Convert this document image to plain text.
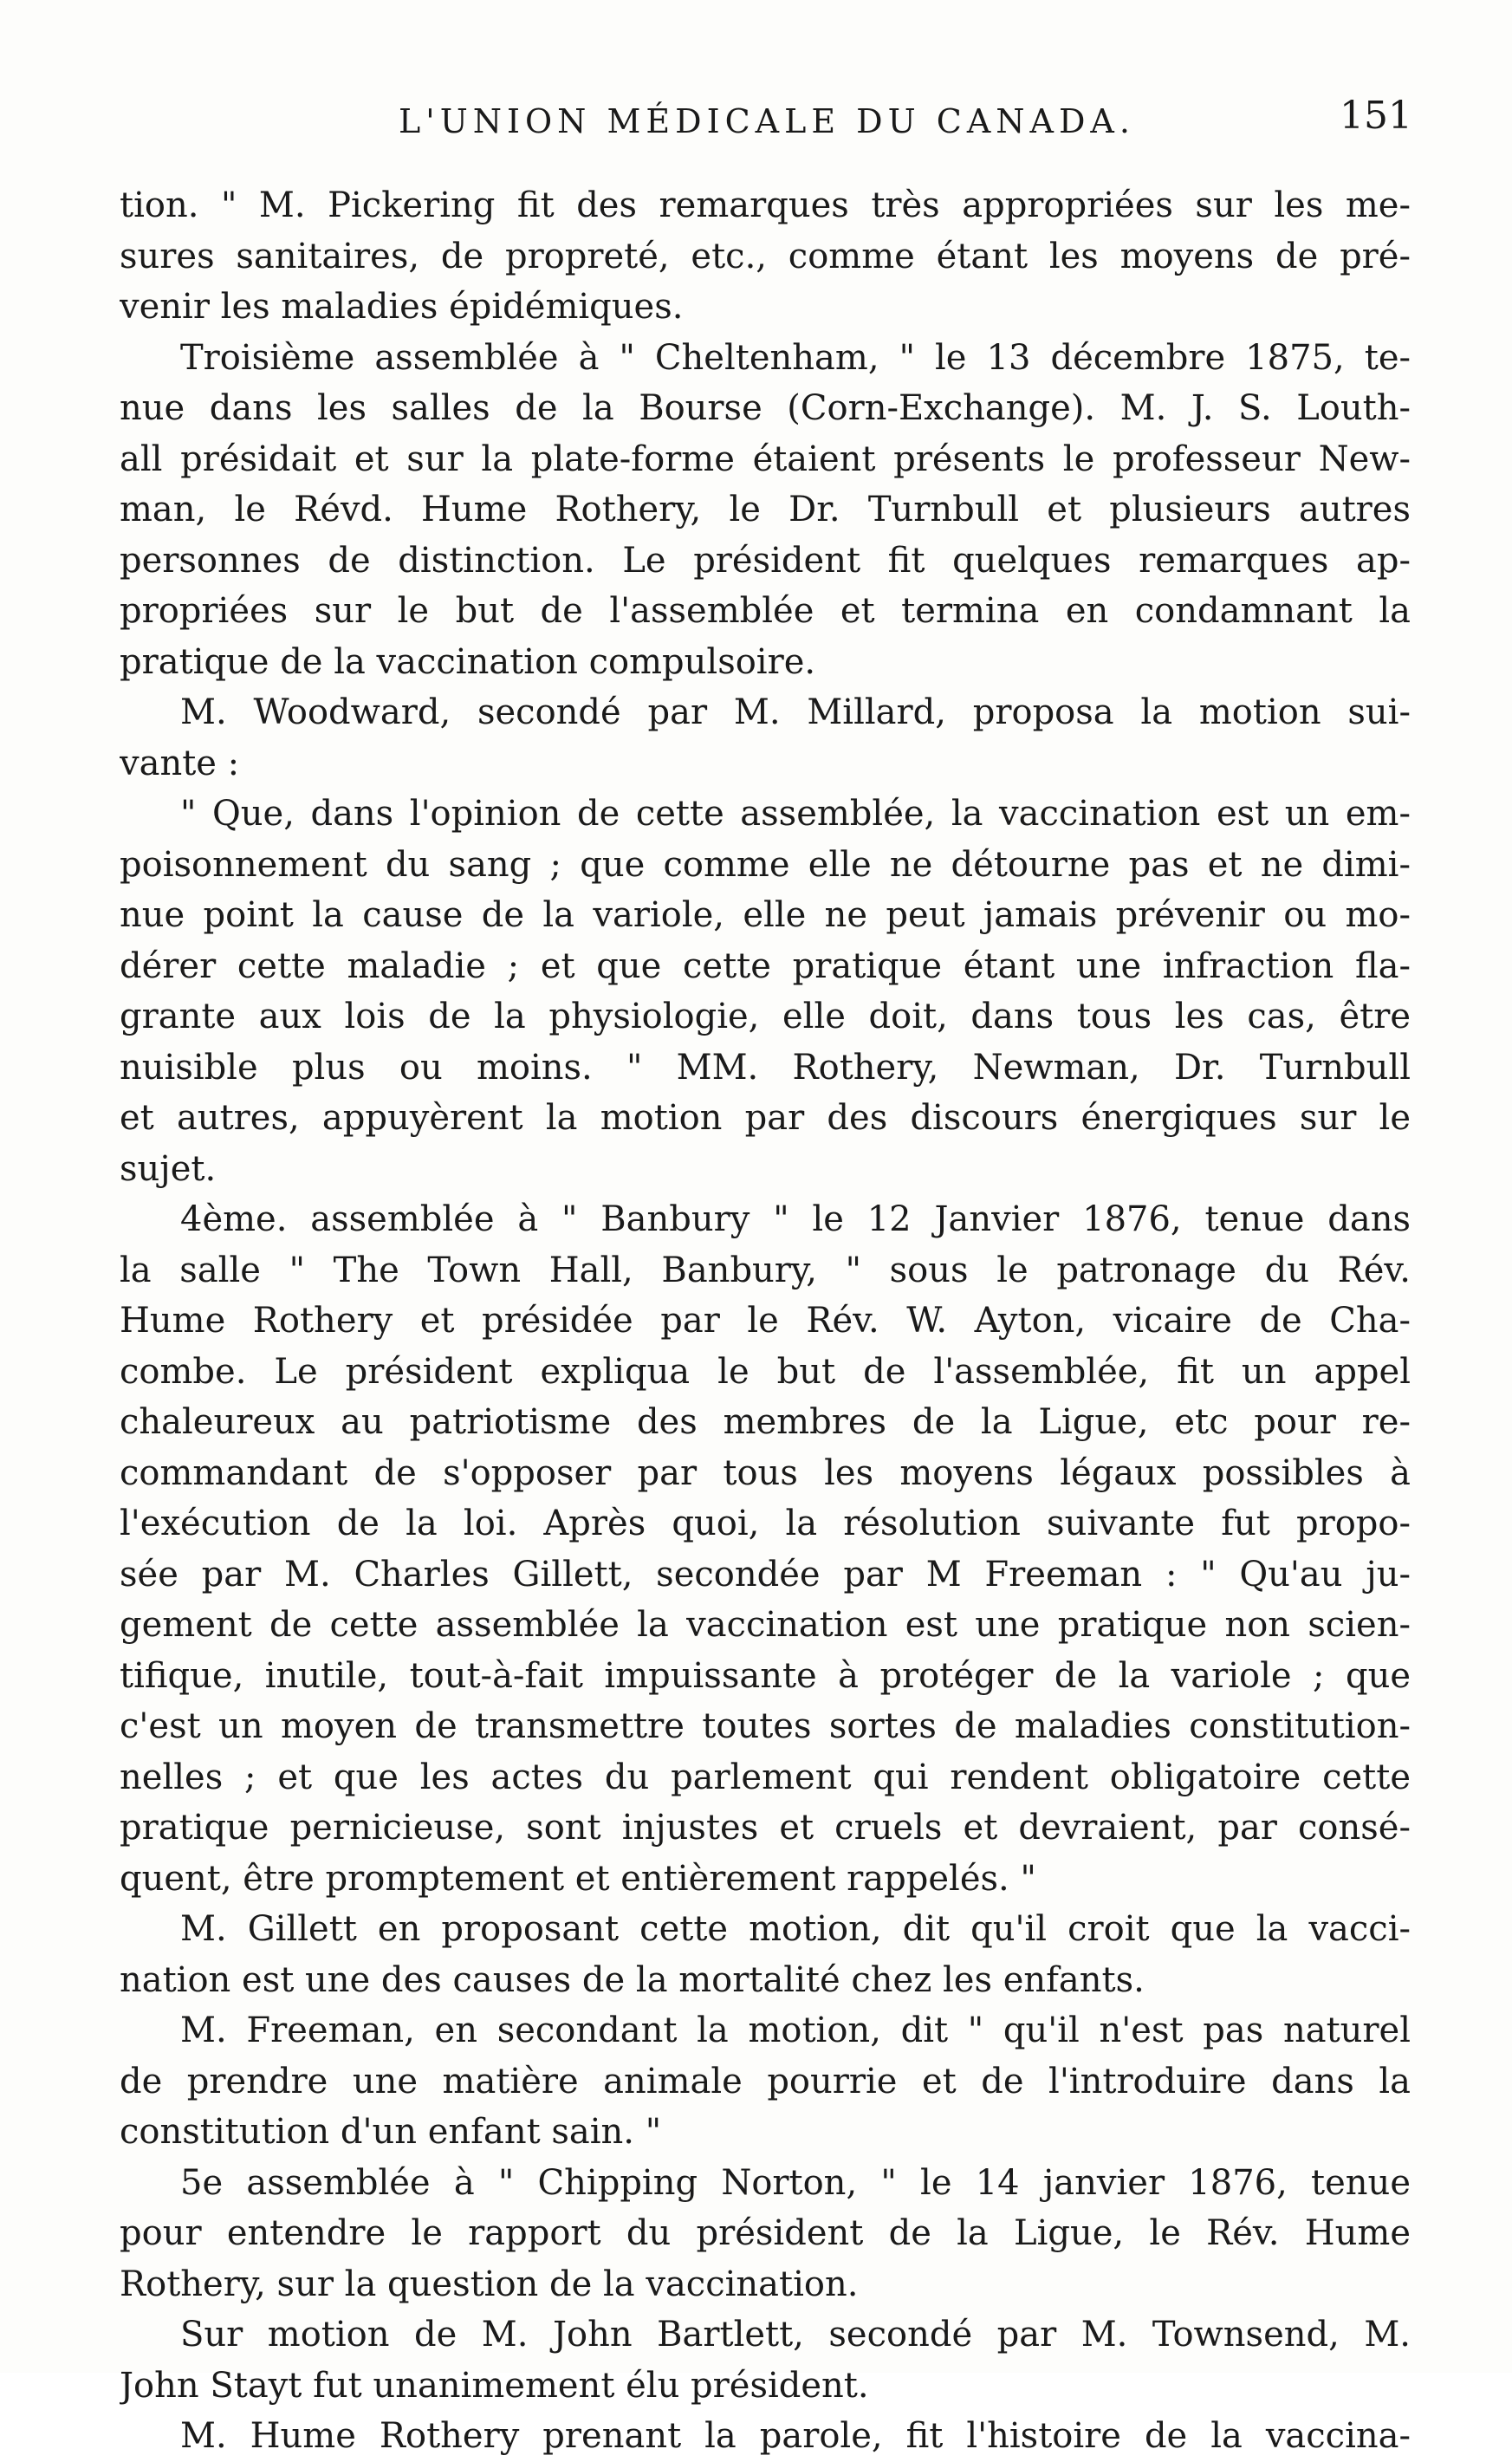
L'UNION MÉDICALE DU CANADA.	151
tion. " M. Pickering fit des remarques très appropriées sur les me-
sures sanitaires, de propreté, etc., comme étant les moyens de pré-
venir les maladies épidémiques.
Troisième assemblée à " Cheltenham, " le 13 décembre 1875, te-
nue dans les salles de la Bourse (Corn-Exchange). M. J. S. Louth-
all présidait et sur la plate-forme étaient présents le professeur New-
man, le Révd. Hume Rothery, le Dr. Turnbull et plusieurs autres
personnes de distinction. Le président fit quelques remarques ap-
propriées sur le but de l'assemblée et termina en condamnant la
pratique de la vaccination compulsoire.
M. Woodward, secondé par M. Millard, proposa la motion sui-
vante :
" Que, dans l'opinion de cette assemblée, la vaccination est un em-
poisonnement du sang ; que comme elle ne détourne pas et ne dimi-
nue point la cause de la variole, elle ne peut jamais prévenir ou mo-
dérer cette maladie ; et que cette pratique étant une infraction fla-
grante aux lois de la physiologie, elle doit, dans tous les cas, être
nuisible plus ou moins. " MM. Rothery, Newman, Dr. Turnbull
et autres, appuyèrent la motion par des discours énergiques sur le
sujet.
4ème. assemblée à " Banbury " le 12 Janvier 1876, tenue dans
la salle " The Town Hall, Banbury, " sous le patronage du Rév.
Hume Rothery et présidée par le Rév. W. Ayton, vicaire de Cha-
combe. Le président expliqua le but de l'assemblée, fit un appel
chaleureux au patriotisme des membres de la Ligue, etc pour re-
commandant de s'opposer par tous les moyens légaux possibles à
l'exécution de la loi. Après quoi, la résolution suivante fut propo-
sée par M. Charles Gillett, secondée par M Freeman : " Qu'au ju-
gement de cette assemblée la vaccination est une pratique non scien-
tifique, inutile, tout-à-fait impuissante à protéger de la variole ; que
c'est un moyen de transmettre toutes sortes de maladies constitution-
nelles ; et que les actes du parlement qui rendent obligatoire cette
pratique pernicieuse, sont injustes et cruels et devraient, par consé-
quent, être promptement et entièrement rappelés. "
M. Gillett en proposant cette motion, dit qu'il croit que la vacci-
nation est une des causes de la mortalité chez les enfants.
M. Freeman, en secondant la motion, dit " qu'il n'est pas naturel
de prendre une matière animale pourrie et de l'introduire dans la
constitution d'un enfant sain. "
5e assemblée à " Chipping Norton, " le 14 janvier 1876, tenue
pour entendre le rapport du président de la Ligue, le Rév. Hume
Rothery, sur la question de la vaccination.
Sur motion de M. John Bartlett, secondé par M. Townsend, M.
John Stayt fut unanimement élu président.
M. Hume Rothery prenant la parole, fit l'histoire de la vaccina-
